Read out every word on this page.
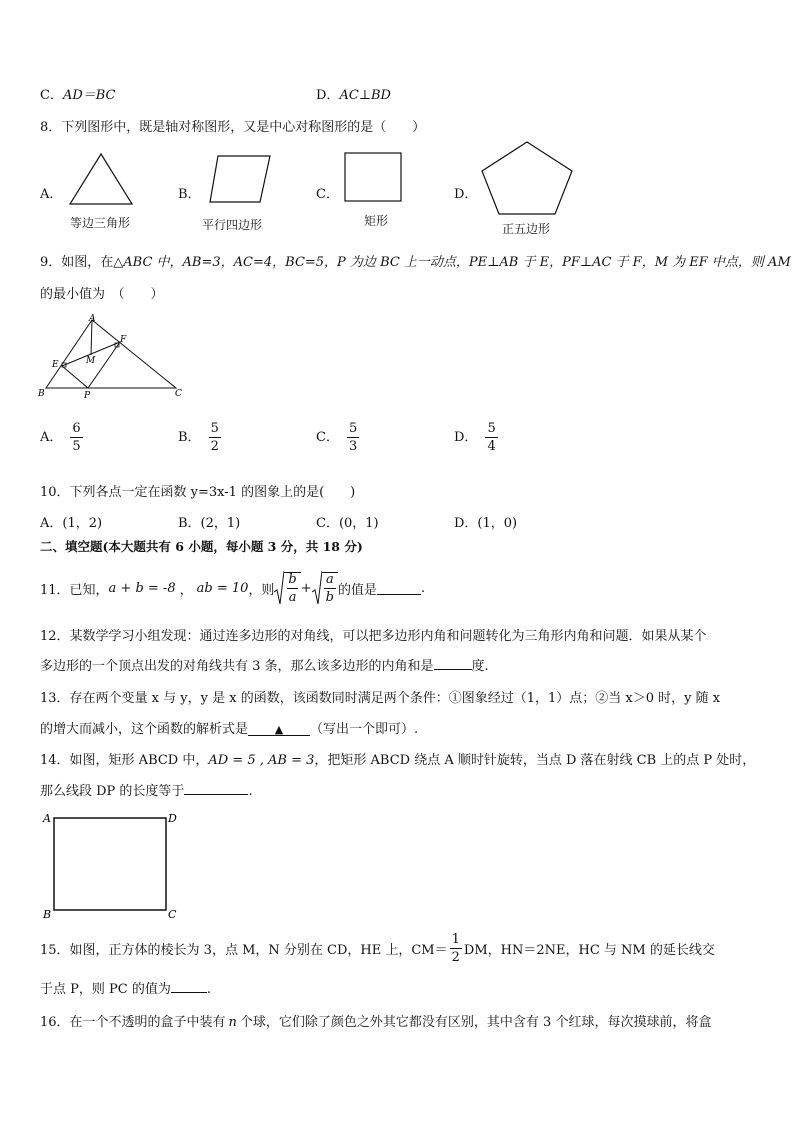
C．AD＝BC	D．AC⊥BD
8．下列图形中，既是轴对称图形，又是中心对称图形的是（　　）
A．
等边三角形
B．
平行四边形
C．
矩形
D．
正五边形
9．如图，在△ABC 中，AB=3，AC=4，BC=5，P 为边 BC 上一动点，PE⊥AB 于 E，PF⊥AC 于 F，M 为 EF 中点，则 AM
的最小值为　（　　）
A
B	C
E
F
M
P
A． $\frac{6}{5}$	B． $\frac{5}{2}$	C． $\frac{5}{3}$	D． $\frac{5}{4}$
10．下列各点一定在函数 y=3x-1 的图象上的是(　　)
A．(1，2)	B．(2，1)	C．(0，1)	D．(1，0)
二、填空题(本大题共有 6 小题，每小题 3 分，共 18 分)
11．已知， a + b = -8 ， ab = 10 ，则 $\frac{b}{a} + \frac{a}{b}$ 的值是	.
12．某数学学习小组发现：通过连多边形的对角线，可以把多边形内角和问题转化为三角形内角和问题．如果从某个
多边形的一个顶点出发的对角线共有 3 条，那么该多边形的内角和是	度.
13．存在两个变量 x 与 y，y 是 x 的函数，该函数同时满足两个条件：①图象经过（1，1）点；②当 x＞0 时，y 随 x
的增大而减小，这个函数的解析式是 ▲ （写出一个即可）.
14．如图，矩形 ABCD 中，AD = 5 , AB = 3，把矩形 ABCD 绕点 A 顺时针旋转，当点 D 落在射线 CB 上的点 P 处时，
那么线段 DP 的长度等于	.
A	D
B	C
15．如图，正方体的棱长为 3，点 M，N 分别在 CD，HE 上，$CM= \frac{1}{2}$ DM，HN＝2NE，HC 与 NM 的延长线交
于点 P，则 PC 的值为	.
16．在一个不透明的盒子中装有 n 个球，它们除了颜色之外其它都没有区别，其中含有 3 个红球，每次摸球前，将盒
